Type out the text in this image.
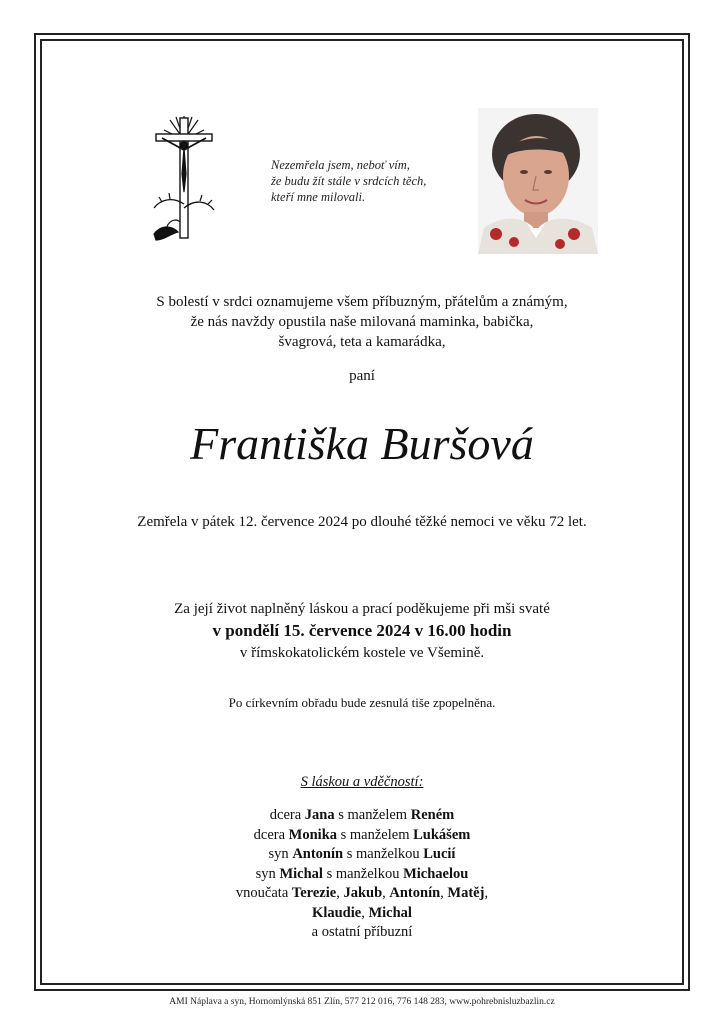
Nezemřela jsem, neboť vím,
že budu žít stále v srdcích těch,
kteří mne milovali.
S bolestí v srdci oznamujeme všem příbuzným, přátelům a známým,
že nás navždy opustila naše milovaná maminka, babička,
švagrová, teta a kamarádka,
paní
Františka Buršová
Zemřela v pátek 12. července 2024 po dlouhé těžké nemoci ve věku 72 let.
Za její život naplněný láskou a prací poděkujeme při mši svaté
v pondělí 15. července 2024 v 16.00 hodin
v římskokatolickém kostele ve Všemině.
Po církevním obřadu bude zesnulá tiše zpopelněna.
S láskou a vděčností:
dcera Jana s manželem Reném
dcera Monika s manželem Lukášem
syn Antonín s manželkou Lucií
syn Michal s manželkou Michaelou
vnoučata Terezie, Jakub, Antonín, Matěj,
Klaudie, Michal
a ostatní příbuzní
AMI Náplava a syn, Hornomlýnská 851 Zlín, 577 212 016, 776 148 283, www.pohrebnisluzbazlin.cz
